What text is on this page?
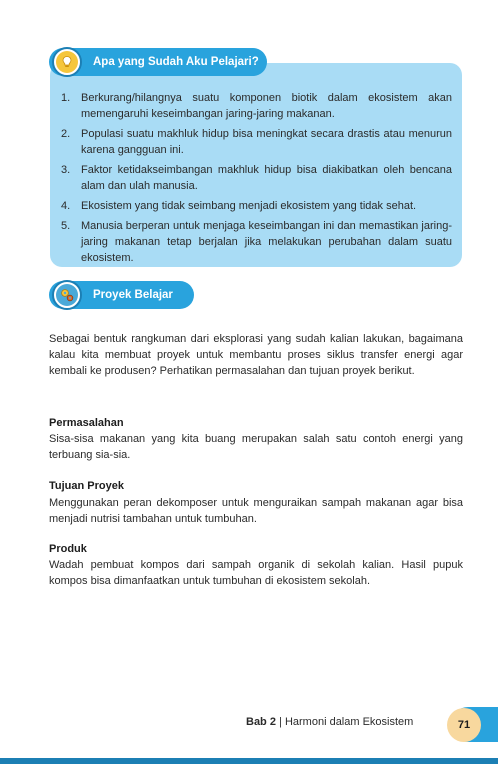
Apa yang Sudah Aku Pelajari?
1. Berkurang/hilangnya suatu komponen biotik dalam ekosistem akan memengaruhi keseimbangan jaring-jaring makanan.
2. Populasi suatu makhluk hidup bisa meningkat secara drastis atau menurun karena gangguan ini.
3. Faktor ketidakseimbangan makhluk hidup bisa diakibatkan oleh bencana alam dan ulah manusia.
4. Ekosistem yang tidak seimbang menjadi ekosistem yang tidak sehat.
5. Manusia berperan untuk menjaga keseimbangan ini dan memastikan jaring-jaring makanan tetap berjalan jika melakukan perubahan dalam suatu ekosistem.
Proyek Belajar

Sebagai bentuk rangkuman dari eksplorasi yang sudah kalian lakukan, bagaimana kalau kita membuat proyek untuk membantu proses siklus transfer energi agar kembali ke produsen? Perhatikan permasalahan dan tujuan proyek berikut.

Permasalahan

Sisa-sisa makanan yang kita buang merupakan salah satu contoh energi yang terbuang sia-sia.

Tujuan Proyek

Menggunakan peran dekomposer untuk menguraikan sampah makanan agar bisa menjadi nutrisi tambahan untuk tumbuhan.

Produk

Wadah pembuat kompos dari sampah organik di sekolah kalian. Hasil pupuk kompos bisa dimanfaatkan untuk tumbuhan di ekosistem sekolah.

Bab 2 | Harmoni dalam Ekosistem	71
